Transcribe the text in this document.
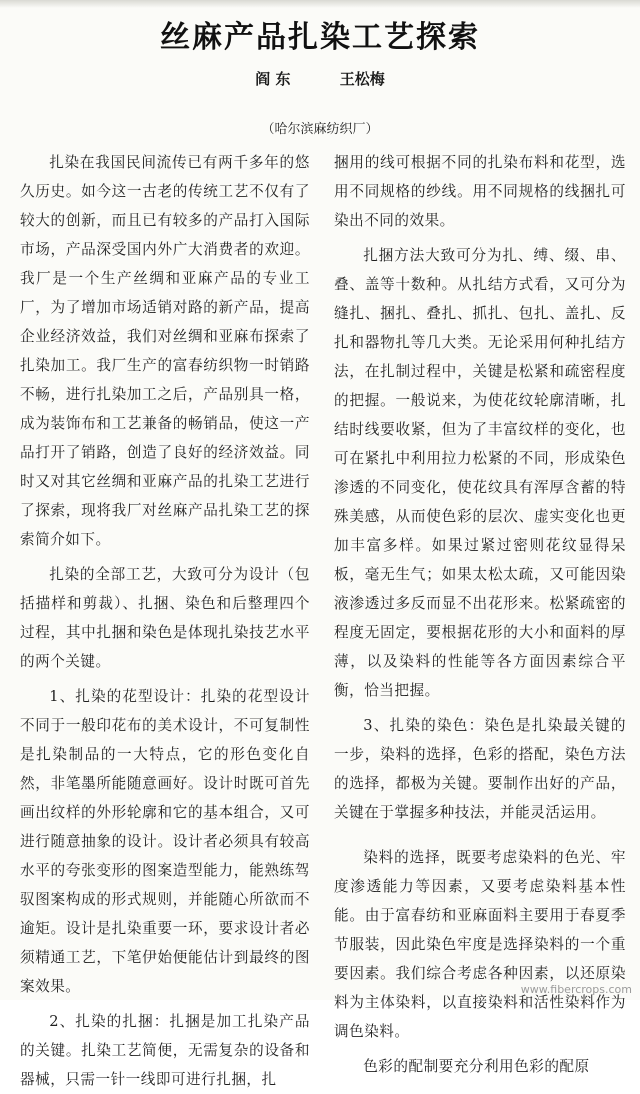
丝麻产品扎染工艺探索
阎 东	王松梅
（哈尔滨麻纺织厂）

扎染在我国民间流传已有两千多年的悠久历史。如今这一古老的传统工艺不仅有了较大的创新，而且已有较多的产品打入国际市场，产品深受国内外广大消费者的欢迎。我厂是一个生产丝绸和亚麻产品的专业工厂，为了增加市场适销对路的新产品，提高企业经济效益，我们对丝绸和亚麻布探索了扎染加工。我厂生产的富春纺织物一时销路不畅，进行扎染加工之后，产品别具一格，成为装饰布和工艺兼备的畅销品，使这一产品打开了销路，创造了良好的经济效益。同时又对其它丝绸和亚麻产品的扎染工艺进行了探索，现将我厂对丝麻产品扎染工艺的探索简介如下。

扎染的全部工艺，大致可分为设计（包括描样和剪裁）、扎捆、染色和后整理四个过程，其中扎捆和染色是体现扎染技艺水平的两个关键。

1、扎染的花型设计：扎染的花型设计不同于一般印花布的美术设计，不可复制性是扎染制品的一大特点，它的形色变化自然，非笔墨所能随意画好。设计时既可首先画出纹样的外形轮廓和它的基本组合，又可进行随意抽象的设计。设计者必须具有较高水平的夸张变形的图案造型能力，能熟练驾驭图案构成的形式规则，并能随心所欲而不逾矩。设计是扎染重要一环，要求设计者必须精通工艺，下笔伊始便能估计到最终的图案效果。

2、扎染的扎捆：扎捆是加工扎染产品的关键。扎染工艺简便，无需复杂的设备和器械，只需一针一线即可进行扎捆，扎

捆用的线可根据不同的扎染布料和花型，选用不同规格的纱线。用不同规格的线捆扎可染出不同的效果。

扎捆方法大致可分为扎、缚、缀、串、叠、盖等十数种。从扎结方式看，又可分为缝扎、捆扎、叠扎、抓扎、包扎、盖扎、反扎和器物扎等几大类。无论采用何种扎结方法，在扎制过程中，关键是松紧和疏密程度的把握。一般说来，为使花纹轮廓清晰，扎结时线要收紧，但为了丰富纹样的变化，也可在紧扎中利用拉力松紧的不同，形成染色渗透的不同变化，使花纹具有浑厚含蓄的特殊美感，从而使色彩的层次、虚实变化也更加丰富多样。如果过紧过密则花纹显得呆板，毫无生气；如果太松太疏，又可能因染液渗透过多反而显不出花形来。松紧疏密的程度无固定，要根据花形的大小和面料的厚薄，以及染料的性能等各方面因素综合平衡，恰当把握。

3、扎染的染色：染色是扎染最关键的一步，染料的选择，色彩的搭配，染色方法的选择，都极为关键。要制作出好的产品，关键在于掌握多种技法，并能灵活运用。

染料的选择，既要考虑染料的色光、牢度渗透能力等因素，又要考虑染料基本性能。由于富春纺和亚麻面料主要用于春夏季节服装，因此染色牢度是选择染料的一个重要因素。我们综合考虑各种因素，以还原染料为主体染料，以直接染料和活性染料作为调色染料。

色彩的配制要充分利用色彩的配原

www.fibercrops.com
